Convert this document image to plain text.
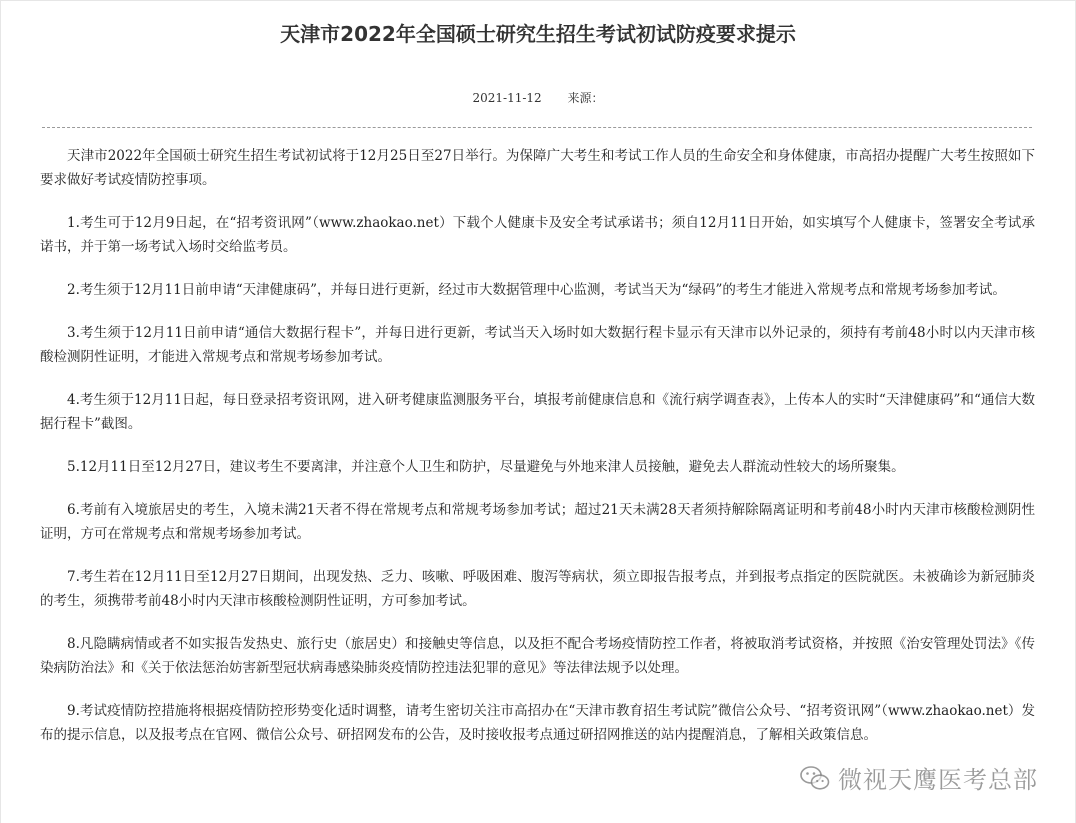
天津市2022年全国硕士研究生招生考试初试防疫要求提示
2021-11-12 来源：

天津市2022年全国硕士研究生招生考试初试将于12月25日至27日举行。为保障广大考生和考试工作人员的生命安全和身体健康，市高招办提醒广大考生按照如下要求做好考试疫情防控事项。

1.考生可于12月9日起，在“招考资讯网”（www.zhaokao.net）下载个人健康卡及安全考试承诺书；须自12月11日开始，如实填写个人健康卡，签署安全考试承诺书，并于第一场考试入场时交给监考员。

2.考生须于12月11日前申请“天津健康码”，并每日进行更新，经过市大数据管理中心监测，考试当天为“绿码”的考生才能进入常规考点和常规考场参加考试。

3.考生须于12月11日前申请“通信大数据行程卡”，并每日进行更新，考试当天入场时如大数据行程卡显示有天津市以外记录的，须持有考前48小时以内天津市核酸检测阴性证明，才能进入常规考点和常规考场参加考试。

4.考生须于12月11日起，每日登录招考资讯网，进入研考健康监测服务平台，填报考前健康信息和《流行病学调查表》，上传本人的实时“天津健康码”和“通信大数据行程卡”截图。

5.12月11日至12月27日，建议考生不要离津，并注意个人卫生和防护，尽量避免与外地来津人员接触，避免去人群流动性较大的场所聚集。

6.考前有入境旅居史的考生，入境未满21天者不得在常规考点和常规考场参加考试；超过21天未满28天者须持解除隔离证明和考前48小时内天津市核酸检测阴性证明，方可在常规考点和常规考场参加考试。

7.考生若在12月11日至12月27日期间，出现发热、乏力、咳嗽、呼吸困难、腹泻等病状，须立即报告报考点，并到报考点指定的医院就医。未被确诊为新冠肺炎的考生，须携带考前48小时内天津市核酸检测阴性证明，方可参加考试。

8.凡隐瞒病情或者不如实报告发热史、旅行史（旅居史）和接触史等信息，以及拒不配合考场疫情防控工作者，将被取消考试资格，并按照《治安管理处罚法》《传染病防治法》和《关于依法惩治妨害新型冠状病毒感染肺炎疫情防控违法犯罪的意见》等法律法规予以处理。

9.考试疫情防控措施将根据疫情防控形势变化适时调整，请考生密切关注市高招办在“天津市教育招生考试院”微信公众号、“招考资讯网”（www.zhaokao.net）发布的提示信息，以及报考点在官网、微信公众号、研招网发布的公告，及时接收报考点通过研招网推送的站内提醒消息，了解相关政策信息。

微视天鹰医考总部
